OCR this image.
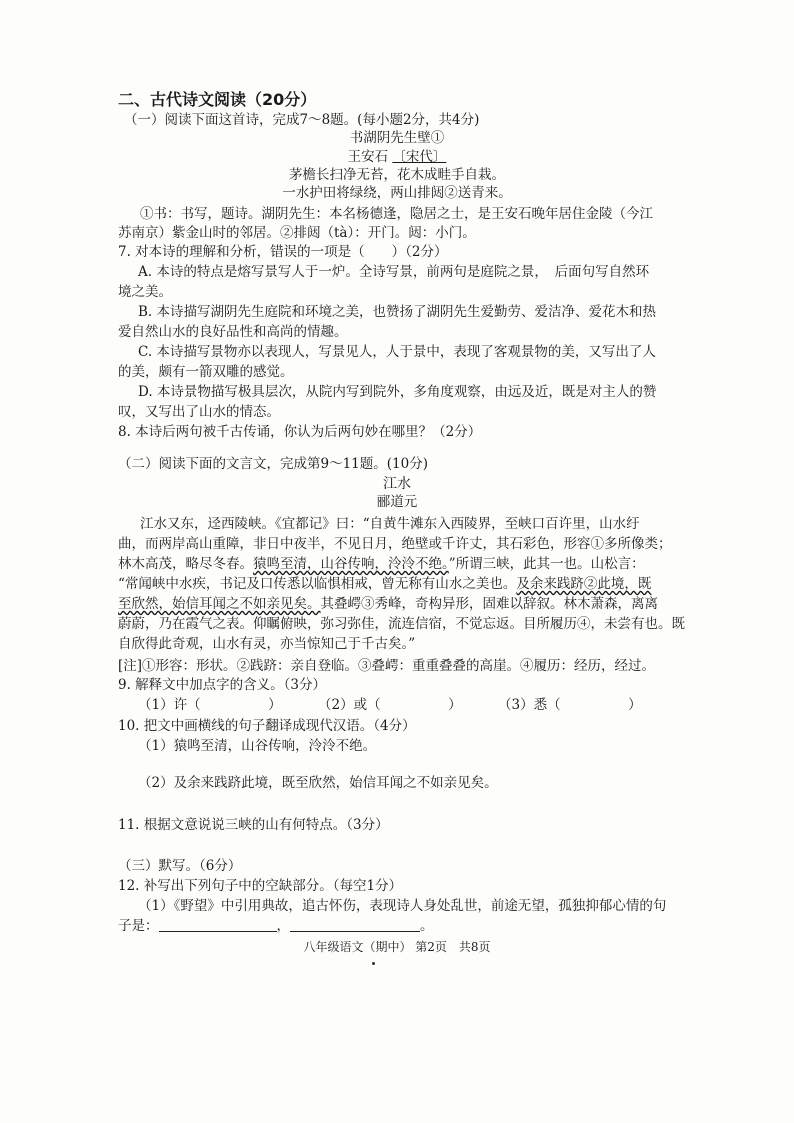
二、古代诗文阅读（20分）
（一）阅读下面这首诗，完成7～8题。(每小题2分，共4分)
书湖阴先生壁①
王安石 〔宋代〕
茅檐长扫净无苔，花木成畦手自栽。
一水护田将绿绕，两山排闼②送青来。
①书：书写，题诗。湖阴先生：本名杨德逢，隐居之士，是王安石晚年居住金陵（今江
苏南京）紫金山时的邻居。②排闼（tà）：开门。闼：小门。
7. 对本诗的理解和分析，错误的一项是（　　）（2分）
A. 本诗的特点是熔写景写人于一炉。全诗写景，前两句是庭院之景，　后面句写自然环
境之美。
B. 本诗描写湖阴先生庭院和环境之美，也赞扬了湖阴先生爱勤劳、爱洁净、爱花木和热
爱自然山水的良好品性和高尚的情趣。
C. 本诗描写景物亦以表现人，写景见人，人于景中，表现了客观景物的美，又写出了人
的美，颇有一箭双雕的感觉。
D. 本诗景物描写极具层次，从院内写到院外，多角度观察，由远及近，既是对主人的赞
叹，又写出了山水的情态。
8. 本诗后两句被千古传诵，你认为后两句妙在哪里？（2分）
（二）阅读下面的文言文，完成第9～11题。(10分)
江水
郦道元
江水又东，迳西陵峡。《宜都记》曰：“自黄牛滩东入西陵界，至峡口百许里，山水纡
曲，而两岸高山重障，非日中夜半，不见日月，绝壁或千许丈，其石彩色，形容①多所像类；
林木高茂，略尽冬春。猿鸣至清，山谷传响，泠泠不绝。”所谓三峡，此其一也。山松言：
“常闻峡中水疾，书记及口传悉以临惧相戒，曾无称有山水之美也。及余来践跻②此境，既
至欣然，始信耳闻之不如亲见矣。其叠崿③秀峰，奇构异形，固难以辞叙。林木萧森，离离
蔚蔚，乃在霞气之表。仰瞩俯映，弥习弥佳，流连信宿，不觉忘返。目所履历④，未尝有也。既
自欣得此奇观，山水有灵，亦当惊知己于千古矣。”
[注]①形容：形状。②践跻：亲自登临。③叠崿：重重叠叠的高崖。④履历：经历，经过。
9. 解释文中加点字的含义。（3分）
（1）许（　　　　　）	（2）或（　　　　　）	（3）悉（　　　　　）
10. 把文中画横线的句子翻译成现代汉语。（4分）
（1）猿鸣至清，山谷传响，泠泠不绝。
（2）及余来践跻此境，既至欣然，始信耳闻之不如亲见矣。
11. 根据文意说说三峡的山有何特点。（3分）
（三）默写。（6分）
12. 补写出下列句子中的空缺部分。（每空1分）
（1）《野望》中引用典故，追古怀伤，表现诗人身处乱世，前途无望，孤独抑郁心情的句
子是：	，	。
八年级语文（期中） 第2页　共8页
